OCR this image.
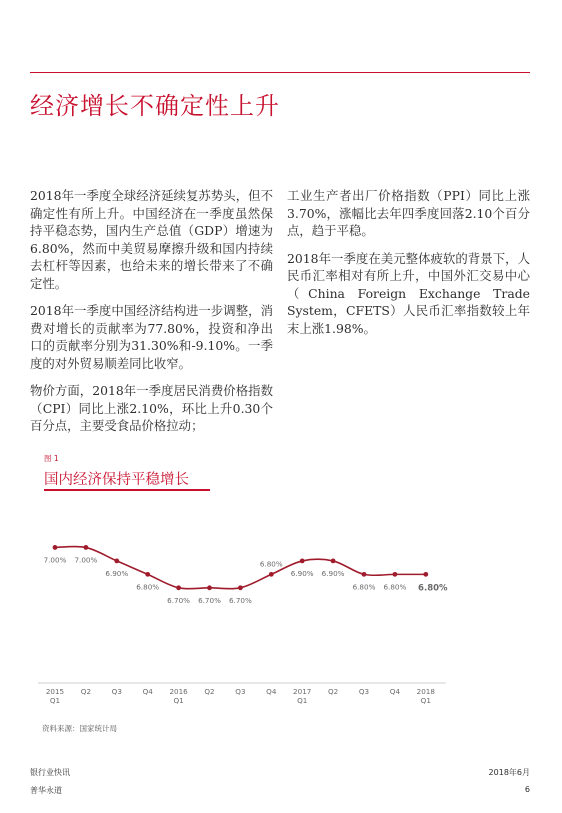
经济增长不确定性上升

2018年一季度全球经济延续复苏势头，但不确定性有所上升。中国经济在一季度虽然保持平稳态势，国内生产总值（GDP）增速为6.80%，然而中美贸易摩擦升级和国内持续去杠杆等因素，也给未来的增长带来了不确定性。

2018年一季度中国经济结构进一步调整，消费对增长的贡献率为77.80%，投资和净出口的贡献率分别为31.30%和-9.10%。一季度的对外贸易顺差同比收窄。

物价方面，2018年一季度居民消费价格指数（CPI）同比上涨2.10%，环比上升0.30个百分点，主要受食品价格拉动；

工业生产者出厂价格指数（PPI）同比上涨3.70%，涨幅比去年四季度回落2.10个百分点，趋于平稳。

2018年一季度在美元整体疲软的背景下，人民币汇率相对有所上升，中国外汇交易中心（China Foreign Exchange Trade System，CFETS）人民币汇率指数较上年末上涨1.98%。

图 1
国内经济保持平稳增长
7.00%
2015
Q1
7.00%
Q2
6.90%
Q3
6.80%
Q4
6.70%
2016
Q1
6.70%
Q2
6.70%
Q3
6.80%
Q4
6.90%
2017
Q1
6.90%
Q2
6.80%
Q3
6.80%
Q4
6.80%
2018
Q1
资料来源：国家统计局
银行业快讯
普华永道
2018年6月
6
